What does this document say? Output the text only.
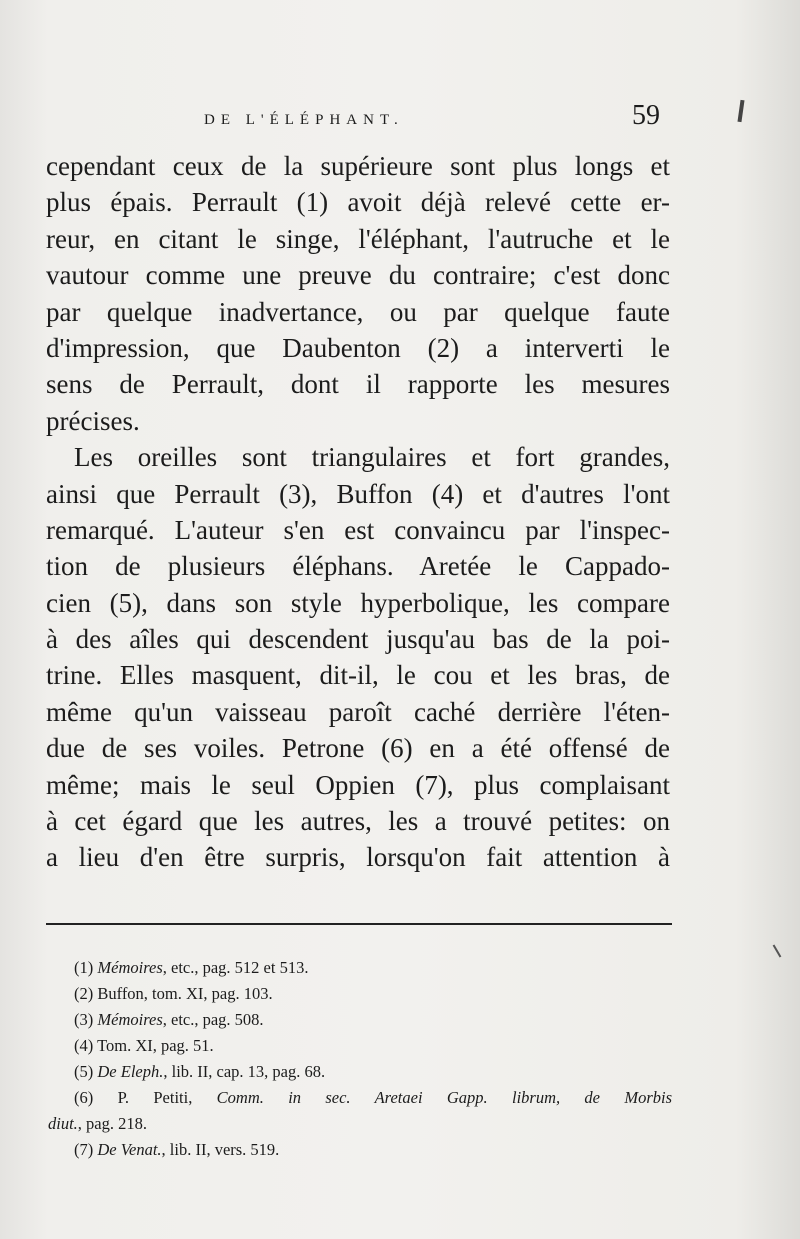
DE L'ÉLÉPHANT.	59
cependant ceux de la supérieure sont plus longs et
plus épais. Perrault (1) avoit déjà relevé cette er-
reur, en citant le singe, l'éléphant, l'autruche et le
vautour comme une preuve du contraire; c'est donc
par quelque inadvertance, ou par quelque faute
d'impression, que Daubenton (2) a interverti le
sens de Perrault, dont il rapporte les mesures
précises.
Les oreilles sont triangulaires et fort grandes,
ainsi que Perrault (3), Buffon (4) et d'autres l'ont
remarqué. L'auteur s'en est convaincu par l'inspec-
tion de plusieurs éléphans. Aretée le Cappado-
cien (5), dans son style hyperbolique, les compare
à des aîles qui descendent jusqu'au bas de la poi-
trine. Elles masquent, dit-il, le cou et les bras, de
même qu'un vaisseau paroît caché derrière l'éten-
due de ses voiles. Petrone (6) en a été offensé de
même; mais le seul Oppien (7), plus complaisant
à cet égard que les autres, les a trouvé petites: on
a lieu d'en être surpris, lorsqu'on fait attention à
(1) Mémoires, etc., pag. 512 et 513.
(2) Buffon, tom. XI, pag. 103.
(3) Mémoires, etc., pag. 508.
(4) Tom. XI, pag. 51.
(5) De Eleph., lib. II, cap. 13, pag. 68.
(6) P. Petiti, Comm. in sec. Aretaei Gapp. librum, de Morbis
diut., pag. 218.
(7) De Venat., lib. II, vers. 519.
